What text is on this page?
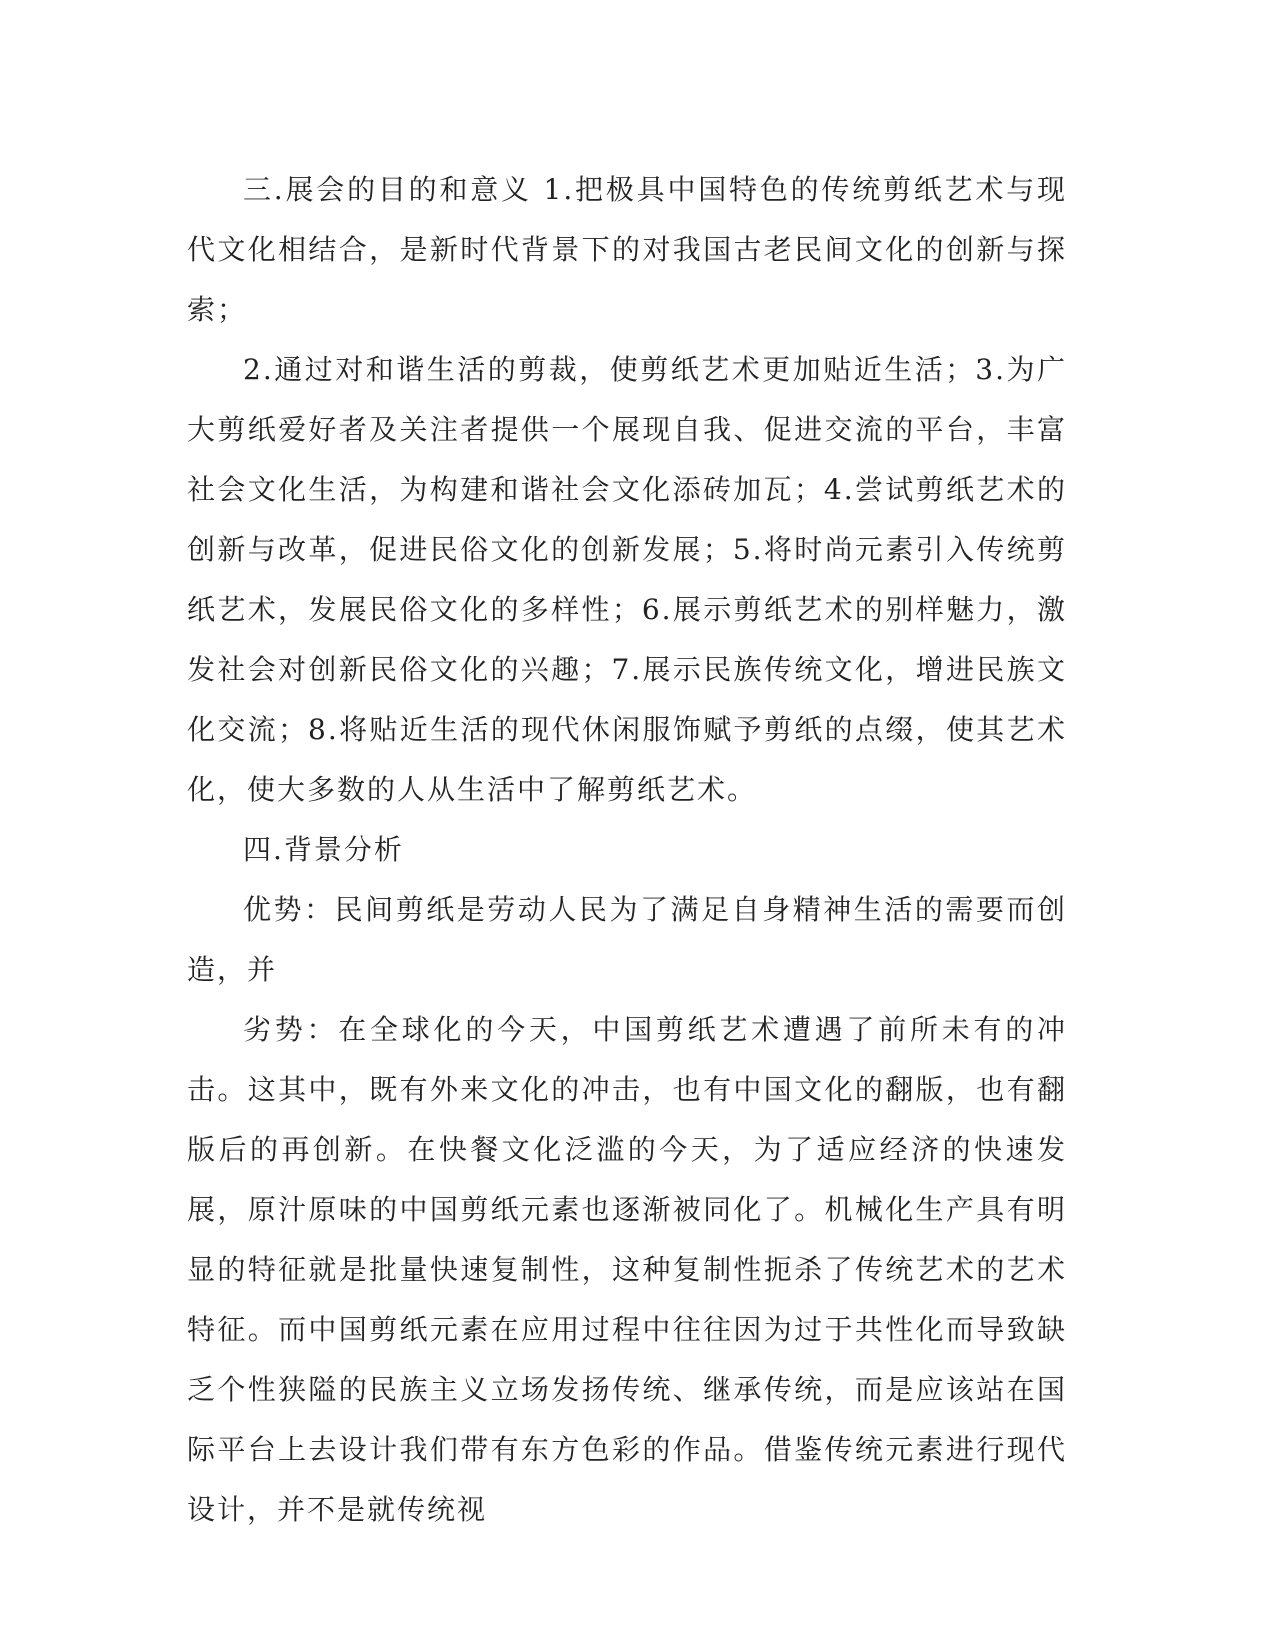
三.展会的目的和意义 1.把极具中国特色的传统剪纸艺术与现代文化相结合，是新时代背景下的对我国古老民间文化的创新与探索；

2.通过对和谐生活的剪裁，使剪纸艺术更加贴近生活；3.为广大剪纸爱好者及关注者提供一个展现自我、促进交流的平台，丰富社会文化生活，为构建和谐社会文化添砖加瓦；4.尝试剪纸艺术的创新与改革，促进民俗文化的创新发展；5.将时尚元素引入传统剪纸艺术，发展民俗文化的多样性；6.展示剪纸艺术的别样魅力，激发社会对创新民俗文化的兴趣；7.展示民族传统文化，增进民族文化交流；8.将贴近生活的现代休闲服饰赋予剪纸的点缀，使其艺术化，使大多数的人从生活中了解剪纸艺术。

四.背景分析

优势：民间剪纸是劳动人民为了满足自身精神生活的需要而创造，并

劣势：在全球化的今天，中国剪纸艺术遭遇了前所未有的冲击。这其中，既有外来文化的冲击，也有中国文化的翻版，也有翻版后的再创新。在快餐文化泛滥的今天，为了适应经济的快速发展，原汁原味的中国剪纸元素也逐渐被同化了。机械化生产具有明显的特征就是批量快速复制性，这种复制性扼杀了传统艺术的艺术特征。而中国剪纸元素在应用过程中往往因为过于共性化而导致缺乏个性狭隘的民族主义立场发扬传统、继承传统，而是应该站在国际平台上去设计我们带有东方色彩的作品。借鉴传统元素进行现代设计，并不是就传统视
